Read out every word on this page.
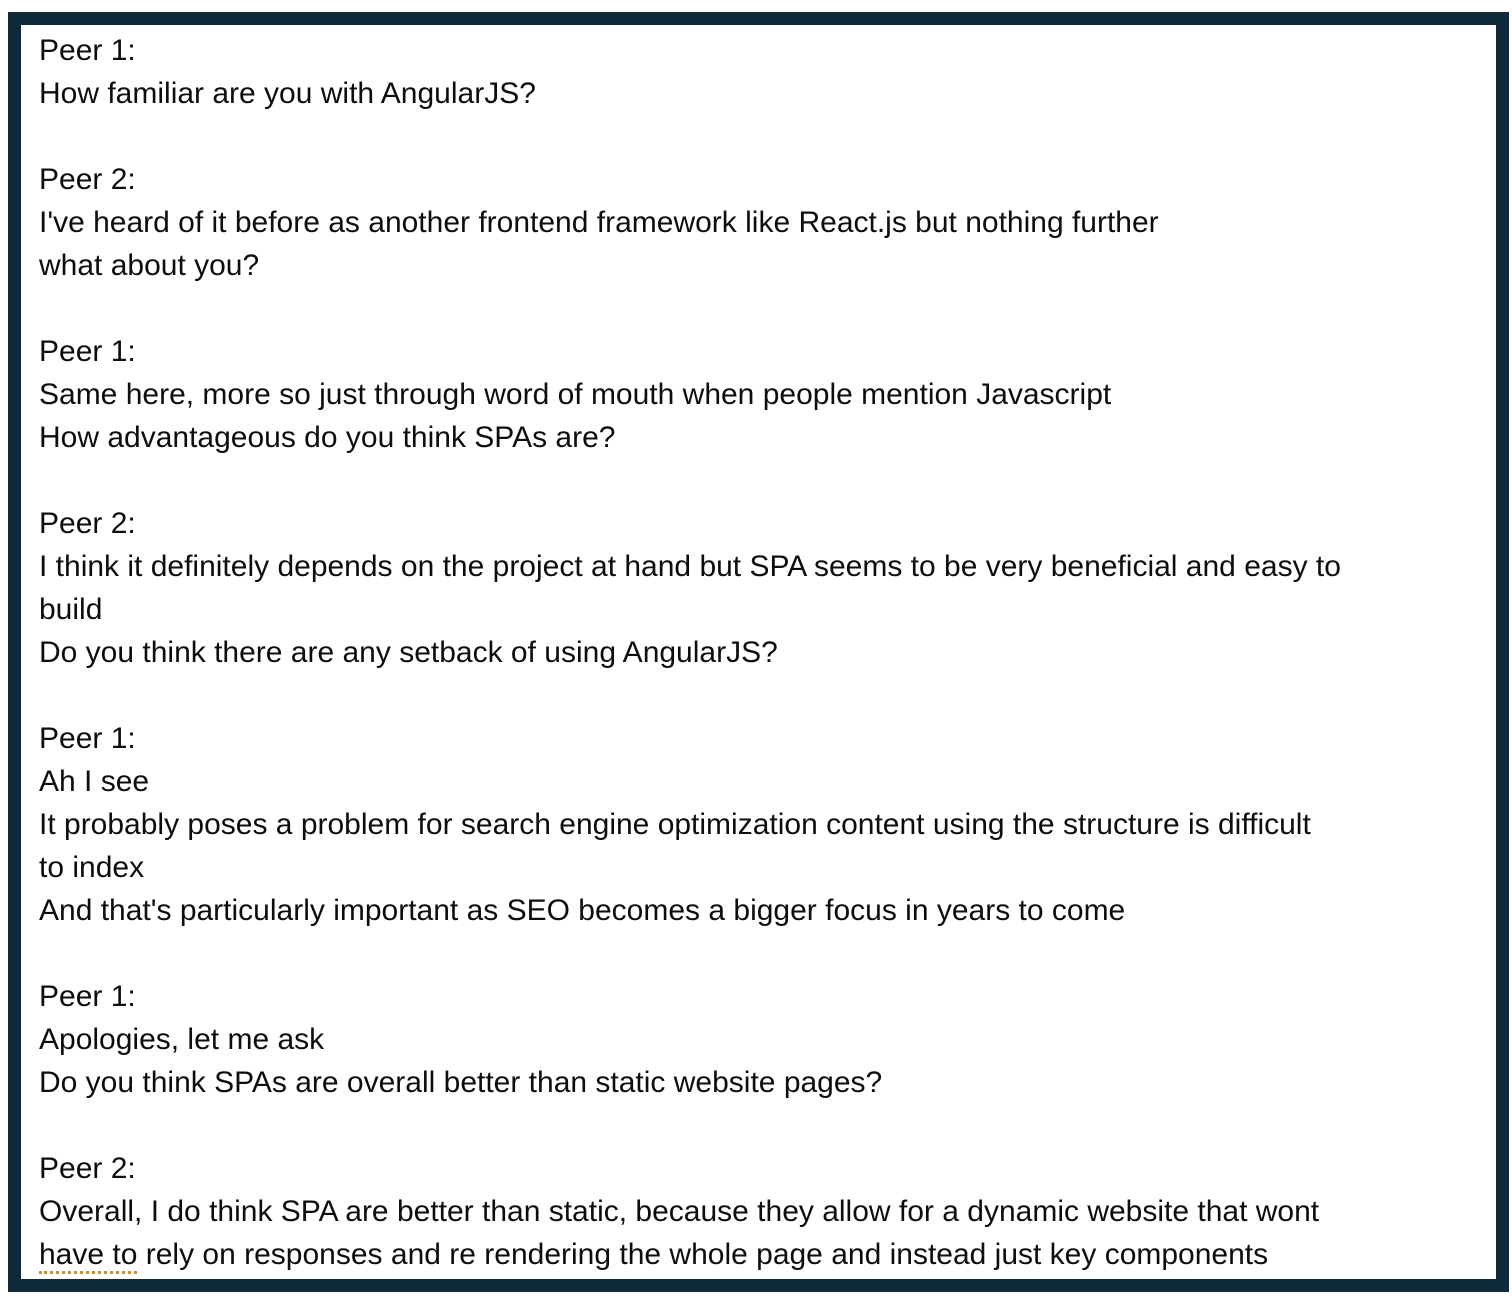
Peer 1:
How familiar are you with AngularJS?
Peer 2:
I've heard of it before as another frontend framework like React.js but nothing further
what about you?
Peer 1:
Same here, more so just through word of mouth when people mention Javascript
How advantageous do you think SPAs are?
Peer 2:
I think it definitely depends on the project at hand but SPA seems to be very beneficial and easy to
build
Do you think there are any setback of using AngularJS?
Peer 1:
Ah I see
It probably poses a problem for search engine optimization content using the structure is difficult
to index
And that's particularly important as SEO becomes a bigger focus in years to come
Peer 1:
Apologies, let me ask
Do you think SPAs are overall better than static website pages?
Peer 2:
Overall, I do think SPA are better than static, because they allow for a dynamic website that wont
have to rely on responses and re rendering the whole page and instead just key components
